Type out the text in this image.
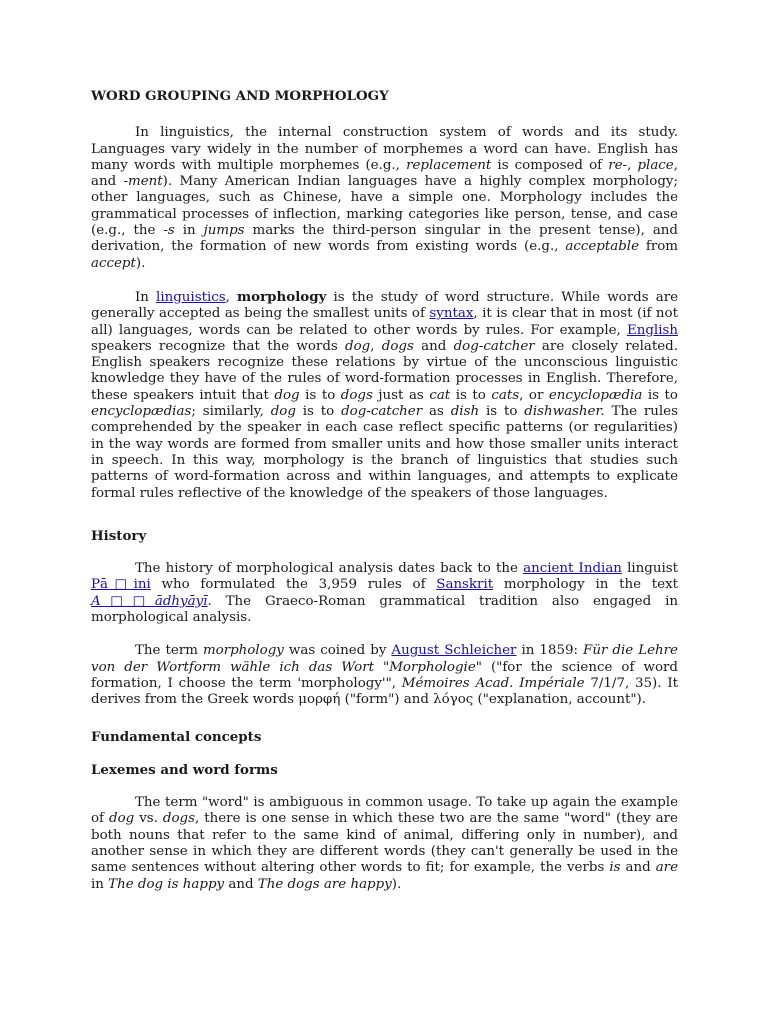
WORD GROUPING AND MORPHOLOGY

In linguistics, the internal construction system of words and its study. Languages vary widely in the number of morphemes a word can have. English has many words with multiple morphemes (e.g., replacement is composed of re-, place, and -ment). Many American Indian languages have a highly complex morphology; other languages, such as Chinese, have a simple one. Morphology includes the grammatical processes of inflection, marking categories like person, tense, and case (e.g., the -s in jumps marks the third-person singular in the present tense), and derivation, the formation of new words from existing words (e.g., acceptable from accept).

In linguistics, morphology is the study of word structure. While words are generally accepted as being the smallest units of syntax, it is clear that in most (if not all) languages, words can be related to other words by rules. For example, English speakers recognize that the words dog, dogs and dog-catcher are closely related. English speakers recognize these relations by virtue of the unconscious linguistic knowledge they have of the rules of word-formation processes in English. Therefore, these speakers intuit that dog is to dogs just as cat is to cats, or encyclopædia is to encyclopædias; similarly, dog is to dog-catcher as dish is to dishwasher. The rules comprehended by the speaker in each case reflect specific patterns (or regularities) in the way words are formed from smaller units and how those smaller units interact in speech. In this way, morphology is the branch of linguistics that studies such patterns of word-formation across and within languages, and attempts to explicate formal rules reflective of the knowledge of the speakers of those languages.

History

The history of morphological analysis dates back to the ancient Indian linguist Pā□ini who formulated the 3,959 rules of Sanskrit morphology in the text A□□ādhyāyī. The Graeco-Roman grammatical tradition also engaged in morphological analysis.

The term morphology was coined by August Schleicher in 1859: Für die Lehre von der Wortform wähle ich das Wort "Morphologie" ("for the science of word formation, I choose the term 'morphology'", Mémoires Acad. Impériale 7/1/7, 35). It derives from the Greek words μορφή ("form") and λόγος ("explanation, account").

Fundamental concepts
Lexemes and word forms

The term "word" is ambiguous in common usage. To take up again the example of dog vs. dogs, there is one sense in which these two are the same "word" (they are both nouns that refer to the same kind of animal, differing only in number), and another sense in which they are different words (they can't generally be used in the same sentences without altering other words to fit; for example, the verbs is and are in The dog is happy and The dogs are happy).
